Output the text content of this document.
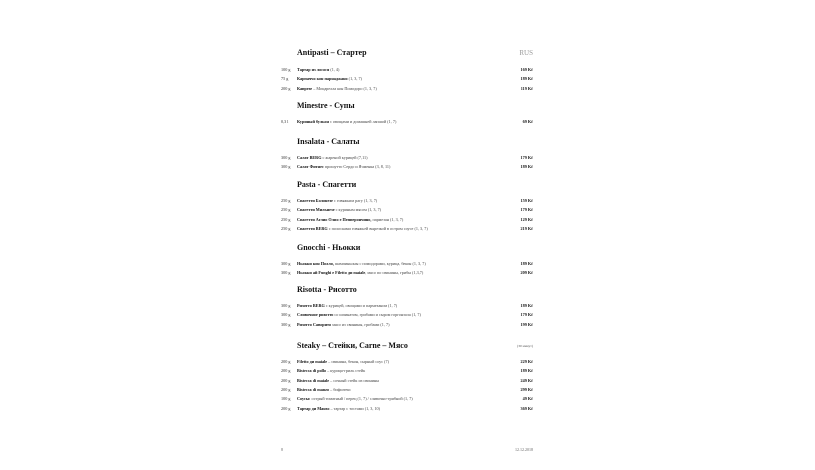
Antipasti – Стартер	RUS
100 g	Тартар из лосося (1, 4)	169 Kč
75 g	Карпаччо кон парнаджано (1, 3, 7)	189 Kč
200 g	Капрезе – Моцарелла кон Помодоро (1, 3, 7)	119 Kč
Minestre - Супы
0,3 l	Куриный бульон с овощами и домашней лапшой (1, 7)	69 Kč
Insalata - Салаты
300 g	Салат BERG с жареной курицей (7,11)	179 Kč
300 g	Салат Фитнес прошутто Сердо и Ячменка (3, 8, 11)	189 Kč
Pasta - Спагетти
250 g	Спагетти Болонезе с говяжьим рагу (1, 3, 7)	159 Kč
250 g	Спагетти Мильнезе с куриным мясом (1, 3, 7)	179 Kč
250 g	Спагетти Аглио Олио е Пепперончино, пармезан (1, 3, 7)	129 Kč
250 g	Спагетти BERG с полосками говяжьей вырезкой в остром соусе (1, 3, 7)	219 Kč
Gnocchi - Ньокки
300 g	Ньокки кон Полло, шампиньоны с помидорами, курица, бекон (1, 3, 7)	189 Kč
300 g	Ньокки ай Funghi e Filetto ди maiale, мясо по свинины, грибы (1,3,7)	209 Kč
Risotta - Рисотто
300 g	Ризотто BERG с курицей, овощами и пармезаном (1, 7)	189 Kč
300 g	Сливочное ризотто со шпинатом, грибами и сыром горгонзола (1, 7)	179 Kč
300 g	Ризотто Саворито мясо из свинины, грибами (1, 7)	199 Kč
Steaky – Стейки, Carne – Мясо	(30 минут)
200 g	Filetto ди maiale – свинина, бекон, сырный соус (7)	229 Kč
200 g	Bistecca di pollo – курица-гриль стейк	189 Kč
200 g	Bistecca di maiale – сочный стейк из свинины	249 Kč
200 g	Bistecca di manzo – бифштекс	299 Kč
100 g	Соусы: острый томатный / перец (1, 7) / сливочно-грибной (1, 7)	49 Kč
200 g	Тартар ди Манзо – тартар с тостами (1, 3, 10)	369 Kč
8	12.12.2018
